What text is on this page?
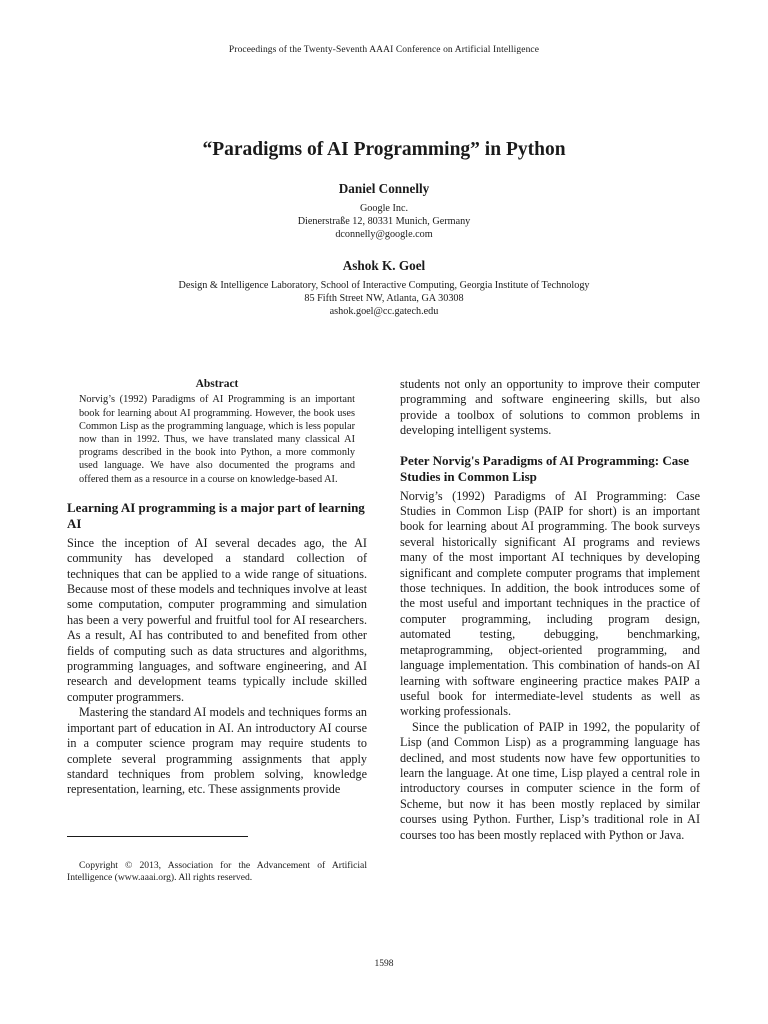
Proceedings of the Twenty-Seventh AAAI Conference on Artificial Intelligence
“Paradigms of AI Programming” in Python
Daniel Connelly
Google Inc.
Dienerstraße 12, 80331 Munich, Germany
dconnelly@google.com
Ashok K. Goel
Design & Intelligence Laboratory, School of Interactive Computing, Georgia Institute of Technology
85 Fifth Street NW, Atlanta, GA 30308
ashok.goel@cc.gatech.edu
Abstract

Norvig’s (1992) Paradigms of AI Programming is an important book for learning about AI programming. However, the book uses Common Lisp as the programming language, which is less popular now than in 1992. Thus, we have translated many classical AI programs described in the book into Python, a more commonly used language. We have also documented the programs and offered them as a resource in a course on knowledge-based AI.

Learning AI programming is a major part of learning AI

Since the inception of AI several decades ago, the AI community has developed a standard collection of techniques that can be applied to a wide range of situations. Because most of these models and techniques involve at least some computation, computer programming and simulation has been a very powerful and fruitful tool for AI researchers. As a result, AI has contributed to and benefited from other fields of computing such as data structures and algorithms, programming languages, and software engineering, and AI research and development teams typically include skilled computer programmers.

Mastering the standard AI models and techniques forms an important part of education in AI. An introductory AI course in a computer science program may require students to complete several programming assignments that apply standard techniques from problem solving, knowledge representation, learning, etc. These assignments provide

students not only an opportunity to improve their computer programming and software engineering skills, but also provide a toolbox of solutions to common problems in developing intelligent systems.

Peter Norvig's Paradigms of AI Programming: Case Studies in Common Lisp

Norvig’s (1992) Paradigms of AI Programming: Case Studies in Common Lisp (PAIP for short) is an important book for learning about AI programming. The book surveys several historically significant AI programs and reviews many of the most important AI techniques by developing significant and complete computer programs that implement those techniques. In addition, the book introduces some of the most useful and important techniques in the practice of computer programming, including program design, automated testing, debugging, benchmarking, metaprogramming, object-oriented programming, and language implementation. This combination of hands-on AI learning with software engineering practice makes PAIP a useful book for intermediate-level students as well as working professionals.

Since the publication of PAIP in 1992, the popularity of Lisp (and Common Lisp) as a programming language has declined, and most students now have few opportunities to learn the language. At one time, Lisp played a central role in introductory courses in computer science in the form of Scheme, but now it has been mostly replaced by similar courses using Python. Further, Lisp’s traditional role in AI courses too has been mostly replaced with Python or Java.

Copyright © 2013, Association for the Advancement of Artificial Intelligence (www.aaai.org). All rights reserved.
1598
